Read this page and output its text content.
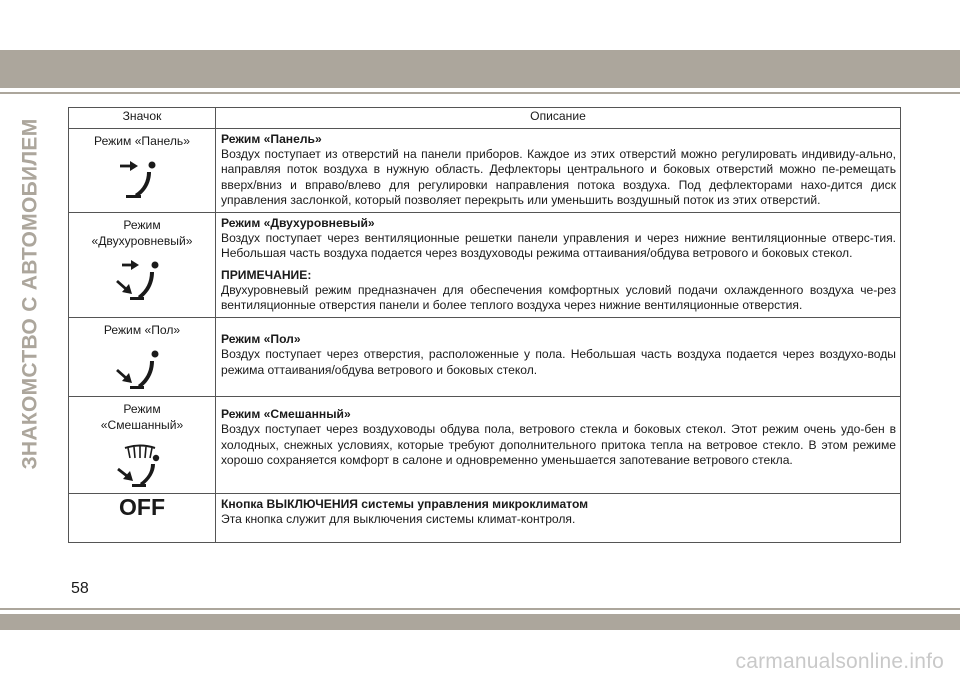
ЗНАКОМСТВО С АВТОМОБИЛЕМ
Значок	Описание

Режим «Панель»	Режим «Панель»
Воздух поступает из отверстий на панели приборов. Каждое из этих отверстий можно регулировать индивиду-ально, направляя поток воздуха в нужную область. Дефлекторы центрального и боковых отверстий можно пе-ремещать вверх/вниз и вправо/влево для регулировки направления потока воздуха. Под дефлекторами нахо-дится диск управления заслонкой, который позволяет перекрыть или уменьшить воздушный поток из этих отверстий.

Режим
«Двухуровневый»	Режим «Двухуровневый»
Воздух поступает через вентиляционные решетки панели управления и через нижние вентиляционные отверс-тия. Небольшая часть воздуха подается через воздуховоды режима оттаивания/обдува ветрового и боковых стекол.
ПРИМЕЧАНИЕ:
Двухуровневый режим предназначен для обеспечения комфортных условий подачи охлажденного воздуха че-рез вентиляционные отверстия панели и более теплого воздуха через нижние вентиляционные отверстия.

Режим «Пол»	Режим «Пол»
Воздух поступает через отверстия, расположенные у пола. Небольшая часть воздуха подается через воздухо-воды режима оттаивания/обдува ветрового и боковых стекол.

Режим
«Смешанный»	Режим «Смешанный»
Воздух поступает через воздуховоды обдува пола, ветрового стекла и боковых стекол. Этот режим очень удо-бен в холодных, снежных условиях, которые требуют дополнительного притока тепла на ветровое стекло. В этом режиме хорошо сохраняется комфорт в салоне и одновременно уменьшается запотевание ветрового стекла.

OFF	Кнопка ВЫКЛЮЧЕНИЯ системы управления микроклиматом
Эта кнопка служит для выключения системы климат-контроля.
58
carmanualsonline.info
